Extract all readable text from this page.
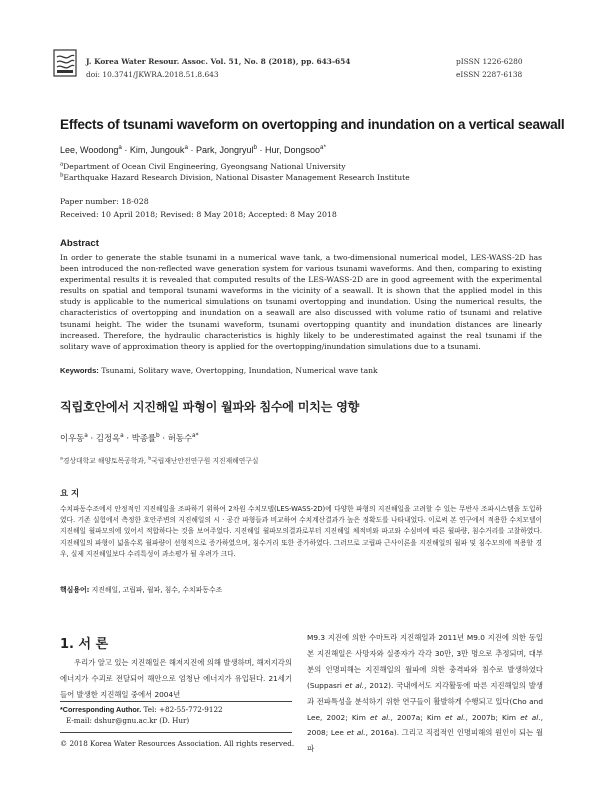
J. Korea Water Resour. Assoc. Vol. 51, No. 8 (2018), pp. 643-654
doi: 10.3741/JKWRA.2018.51.8.643
pISSN 1226-6280
eISSN 2287-6138
Effects of tsunami waveform on overtopping and inundation on a vertical seawall
Lee, Woodong$^a$ · Kim, Jungouk$^a$ · Park, Jongryul$^b$ · Hur, Dongsoo$^{a*}$
$^a$Department of Ocean Civil Engineering, Gyeongsang National University
$^b$Earthquake Hazard Research Division, National Disaster Management Research Institute
Paper number: 18-028
Received: 10 April 2018; Revised: 8 May 2018; Accepted: 8 May 2018
Abstract
In order to generate the stable tsunami in a numerical wave tank, a two-dimensional numerical model, LES-WASS-2D has been introduced the non-reflected wave generation system for various tsunami waveforms. And then, comparing to existing experimental results it is revealed that computed results of the LES-WASS-2D are in good agreement with the experimental results on spatial and temporal tsunami waveforms in the vicinity of a seawall. It is shown that the applied model in this study is applicable to the numerical simulations on tsunami overtopping and inundation. Using the numerical results, the characteristics of overtopping and inundation on a seawall are also discussed with volume ratio of tsunami and relative tsunami height. The wider the tsunami waveform, tsunami overtopping quantity and inundation distances are linearly increased. Therefore, the hydraulic characteristics is highly likely to be underestimated against the real tsunami if the solitary wave of approximation theory is applied for the overtopping/inundation simulations due to a tsunami.
Keywords: Tsunami, Solitary wave, Overtopping, Inundation, Numerical wave tank
직립호안에서 지진해일 파형이 월파와 침수에 미치는 영향
이우동$^a$ · 김정옥$^a$ · 박종률$^b$ · 허동수$^{a*}$
$^a$경상대학교 해양토목공학과, $^b$국립재난안전연구원 지진재해연구실
요 지
수치파동수조에서 안정적인 지진해일을 조파하기 위하여 2차원 수치모델(LES-WASS-2D)에 다양한 파형의 지진해일을 고려할 수 있는 무반사 조파시스템을 도입하였다. 기존 실험에서 측정한 호안주변의 지진해일의 시 · 공간 파형들과 비교하여 수치계산결과가 높은 정확도를 나타내었다. 이로써 본 연구에서 적용한 수치모델이 지진해일 월파모의에 있어서 적합하다는 것을 보여주었다. 지진해일 월파모의결과로부터 지진해일 체적비와 파고와 수심비에 따른 월파량, 침수거리를 고찰하였다. 지진해일의 파형이 넓을수록 월파량이 선형적으로 증가하였으며, 침수거리 또한 증가하였다. 그러므로 고립파 근사이론을 지진해일의 월파 및 침수모의에 적용할 경우, 실제 지진해일보다 수리특성이 과소평가 될 우려가 크다.
핵심용어: 지진해일, 고립파, 월파, 침수, 수치파동수조
1. 서 론
우리가 알고 있는 지진해일은 해저지진에 의해 발생하며, 해저지각의 에너지가 수괴로 전달되어 해안으로 엄청난 에너지가 유입된다. 21세기 들어 발생한 지진해일 중에서 2004년
M9.3 지진에 의한 수마트라 지진해일과 2011년 M9.0 지진에 의한 동일본 지진해일은 사망자와 실종자가 각각 30만, 3만 명으로 추정되며, 대부분의 인명피해는 지진해일의 월파에 의한 충격파와 침수로 발생하였다(Suppasri et al., 2012). 국내에서도 지각활동에 따른 지진해일의 발생과 전파특성을 분석하기 위한 연구들이 활발하게 수행되고 있다(Cho and Lee, 2002; Kim et al., 2007a; Kim et al., 2007b; Kim et al., 2008; Lee et al., 2016a). 그리고 직접적인 인명피해의 원인이 되는 월파
*Corresponding Author. Tel: +82-55-772-9122
E-mail: dshur@gnu.ac.kr (D. Hur)
© 2018 Korea Water Resources Association. All rights reserved.
